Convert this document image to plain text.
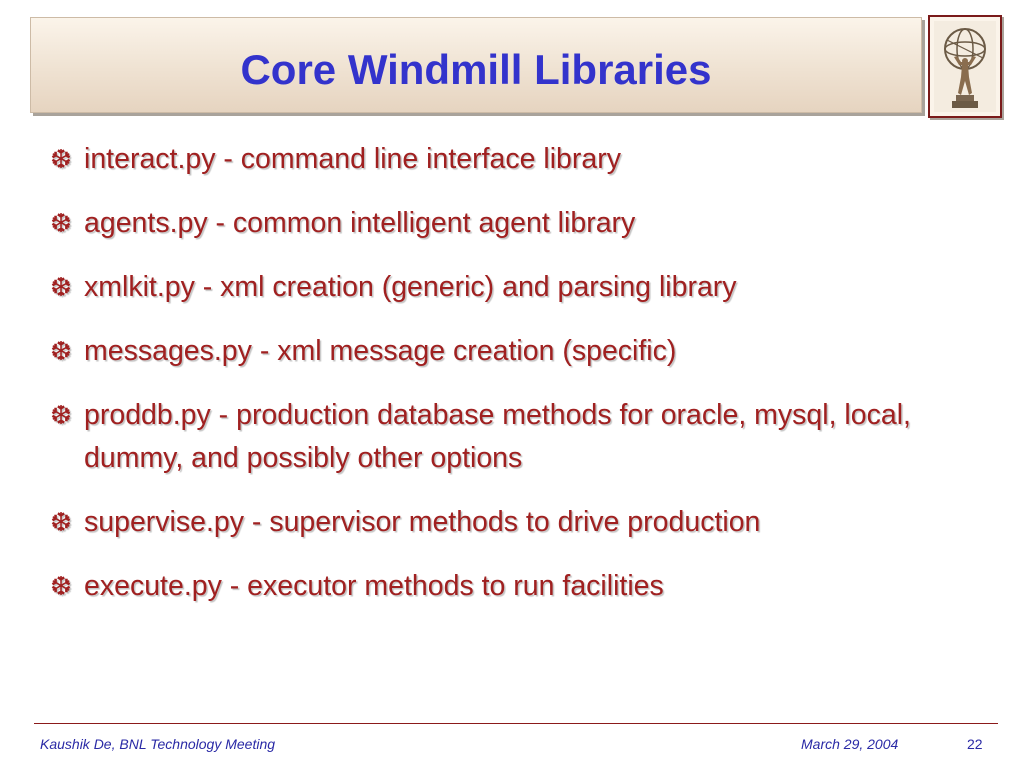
Core Windmill Libraries
❆ interact.py - command line interface library
❆ agents.py - common intelligent agent library
❆ xmlkit.py - xml creation (generic) and parsing library
❆ messages.py - xml message creation (specific)
❆ proddb.py - production database methods for oracle, mysql, local, dummy, and possibly other options
❆ supervise.py - supervisor methods to drive production
❆ execute.py - executor methods to run facilities
Kaushik De, BNL Technology Meeting	March 29, 2004	22
